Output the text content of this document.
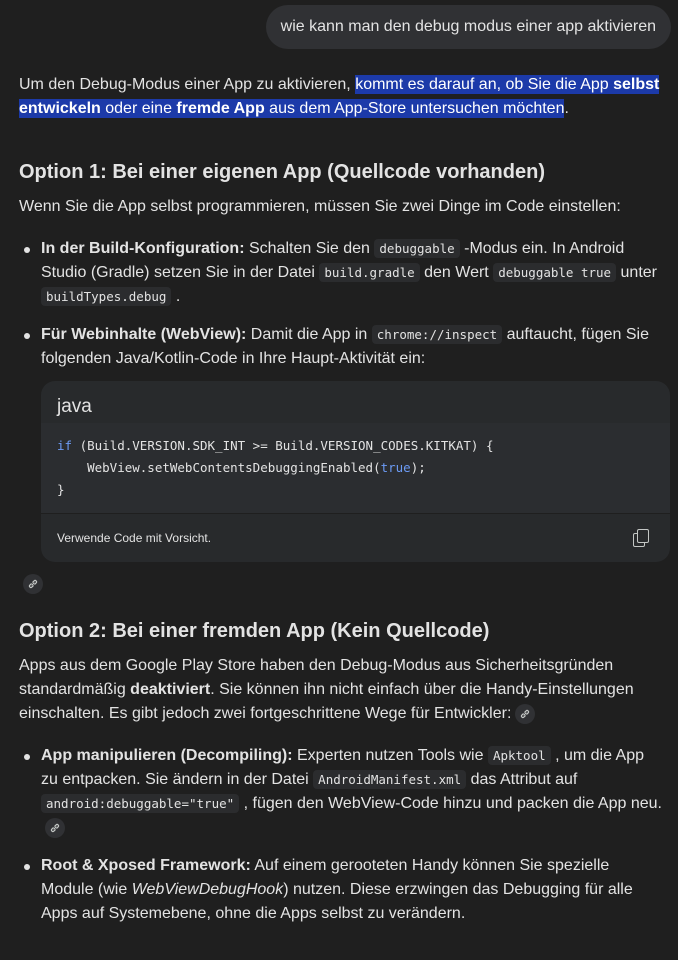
wie kann man den debug modus einer app aktivieren

Um den Debug-Modus einer App zu aktivieren, kommt es darauf an, ob Sie die App selbst entwickeln oder eine fremde App aus dem App-Store untersuchen möchten.

Option 1: Bei einer eigenen App (Quellcode vorhanden)

Wenn Sie die App selbst programmieren, müssen Sie zwei Dinge im Code einstellen:

In der Build-Konfiguration: Schalten Sie den debuggable -Modus ein. In Android Studio (Gradle) setzen Sie in der Datei build.gradle den Wert debuggable true unter buildTypes.debug .
Für Webinhalte (WebView): Damit die App in chrome://inspect auftaucht, fügen Sie folgenden Java/Kotlin-Code in Ihre Haupt-Aktivität ein:
java
if (Build.VERSION.SDK_INT >= Build.VERSION_CODES.KITKAT) {
WebView.setWebContentsDebuggingEnabled(true);
}
Verwende Code mit Vorsicht.
Option 2: Bei einer fremden App (Kein Quellcode)

Apps aus dem Google Play Store haben den Debug-Modus aus Sicherheitsgründen standardmäßig deaktiviert. Sie können ihn nicht einfach über die Handy-Einstellungen einschalten. Es gibt jedoch zwei fortgeschrittene Wege für Entwickler:

App manipulieren (Decompiling): Experten nutzen Tools wie Apktool , um die App zu entpacken. Sie ändern in der Datei AndroidManifest.xml das Attribut auf android:debuggable="true" , fügen den WebView-Code hinzu und packen die App neu.
Root & Xposed Framework: Auf einem gerooteten Handy können Sie spezielle Module (wie WebViewDebugHook) nutzen. Diese erzwingen das Debugging für alle Apps auf Systemebene, ohne die Apps selbst zu verändern.
